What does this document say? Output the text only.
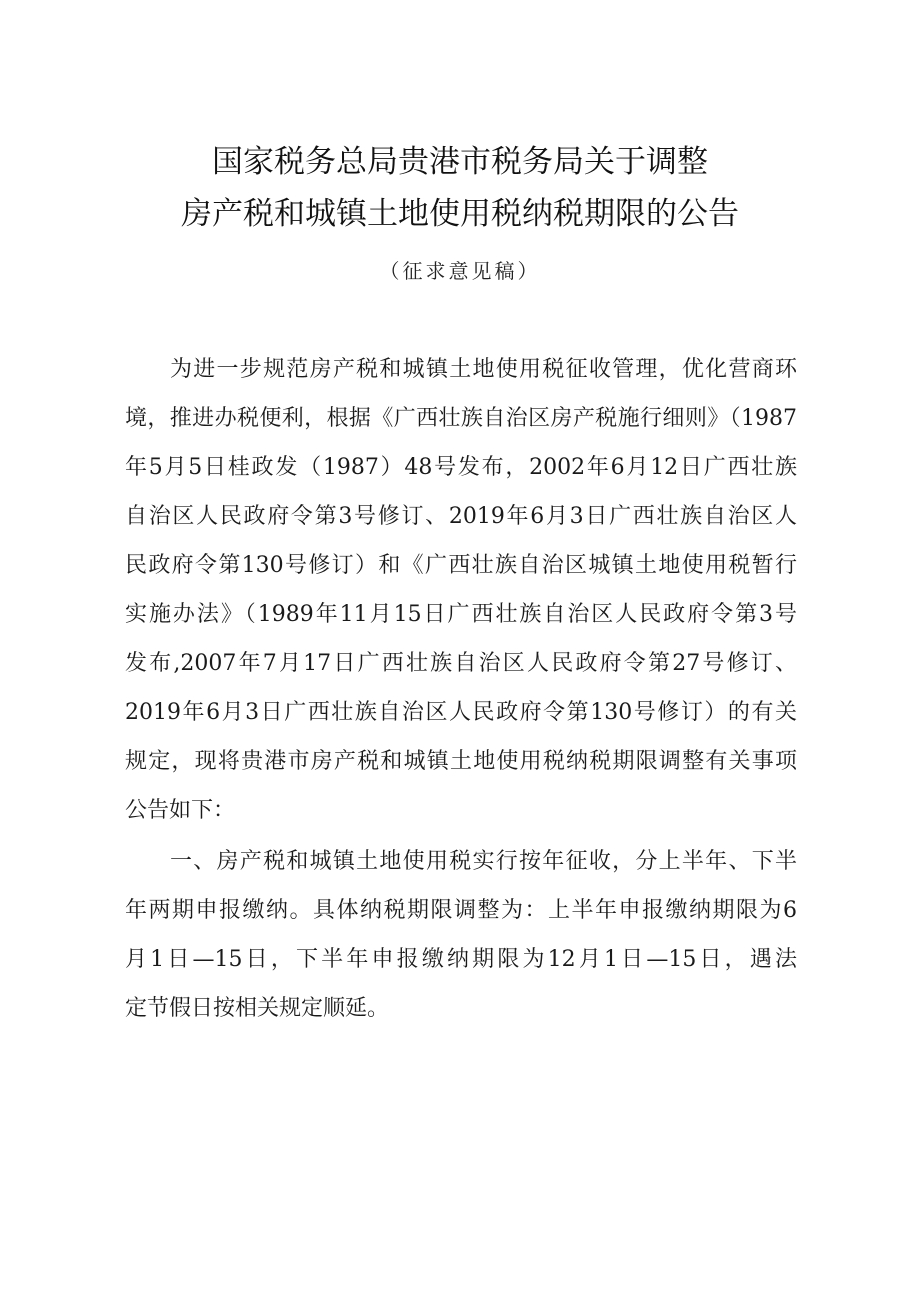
国家税务总局贵港市税务局关于调整
房产税和城镇土地使用税纳税期限的公告
（征求意见稿）
为进一步规范房产税和城镇土地使用税征收管理，优化营商环
境，推进办税便利，根据《广西壮族自治区房产税施行细则》（1987
年5月5日桂政发（1987）48号发布，2002年6月12日广西壮族
自治区人民政府令第3号修订、2019年6月3日广西壮族自治区人
民政府令第130号修订）和《广西壮族自治区城镇土地使用税暂行
实施办法》（1989年11月15日广西壮族自治区人民政府令第3号
发布,2007年7月17日广西壮族自治区人民政府令第27号修订、
2019年6月3日广西壮族自治区人民政府令第130号修订）的有关
规定，现将贵港市房产税和城镇土地使用税纳税期限调整有关事项
公告如下：
一、房产税和城镇土地使用税实行按年征收，分上半年、下半
年两期申报缴纳。具体纳税期限调整为：上半年申报缴纳期限为6
月1日—15日，下半年申报缴纳期限为12月1日—15日，遇法
定节假日按相关规定顺延。
